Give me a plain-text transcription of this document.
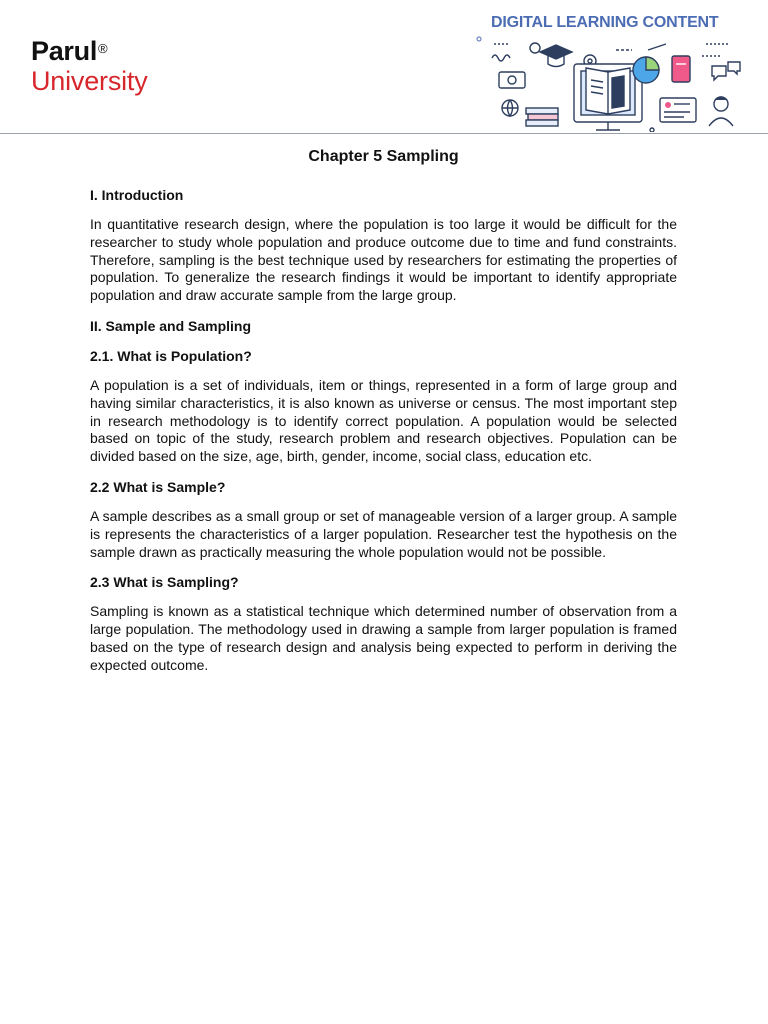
Parul®
University
DIGITAL LEARNING CONTENT
Chapter 5 Sampling
I. Introduction
In quantitative research design, where the population is too large it would be difficult for the researcher to study whole population and produce outcome due to time and fund constraints. Therefore, sampling is the best technique used by researchers for estimating the properties of population. To generalize the research findings it would be important to identify appropriate population and draw accurate sample from the large group.
II. Sample and Sampling
2.1. What is Population?
A population is a set of individuals, item or things, represented in a form of large group and having similar characteristics, it is also known as universe or census. The most important step in research methodology is to identify correct population. A population would be selected based on topic of the study, research problem and research objectives. Population can be divided based on the size, age, birth, gender, income, social class, education etc.
2.2 What is Sample?
A sample describes as a small group or set of manageable version of a larger group. A sample is represents the characteristics of a larger population. Researcher test the hypothesis on the sample drawn as practically measuring the whole population would not be possible.
2.3 What is Sampling?
Sampling is known as a statistical technique which determined number of observation from a large population. The methodology used in drawing a sample from larger population is framed based on the type of research design and analysis being expected to perform in deriving the expected outcome.
